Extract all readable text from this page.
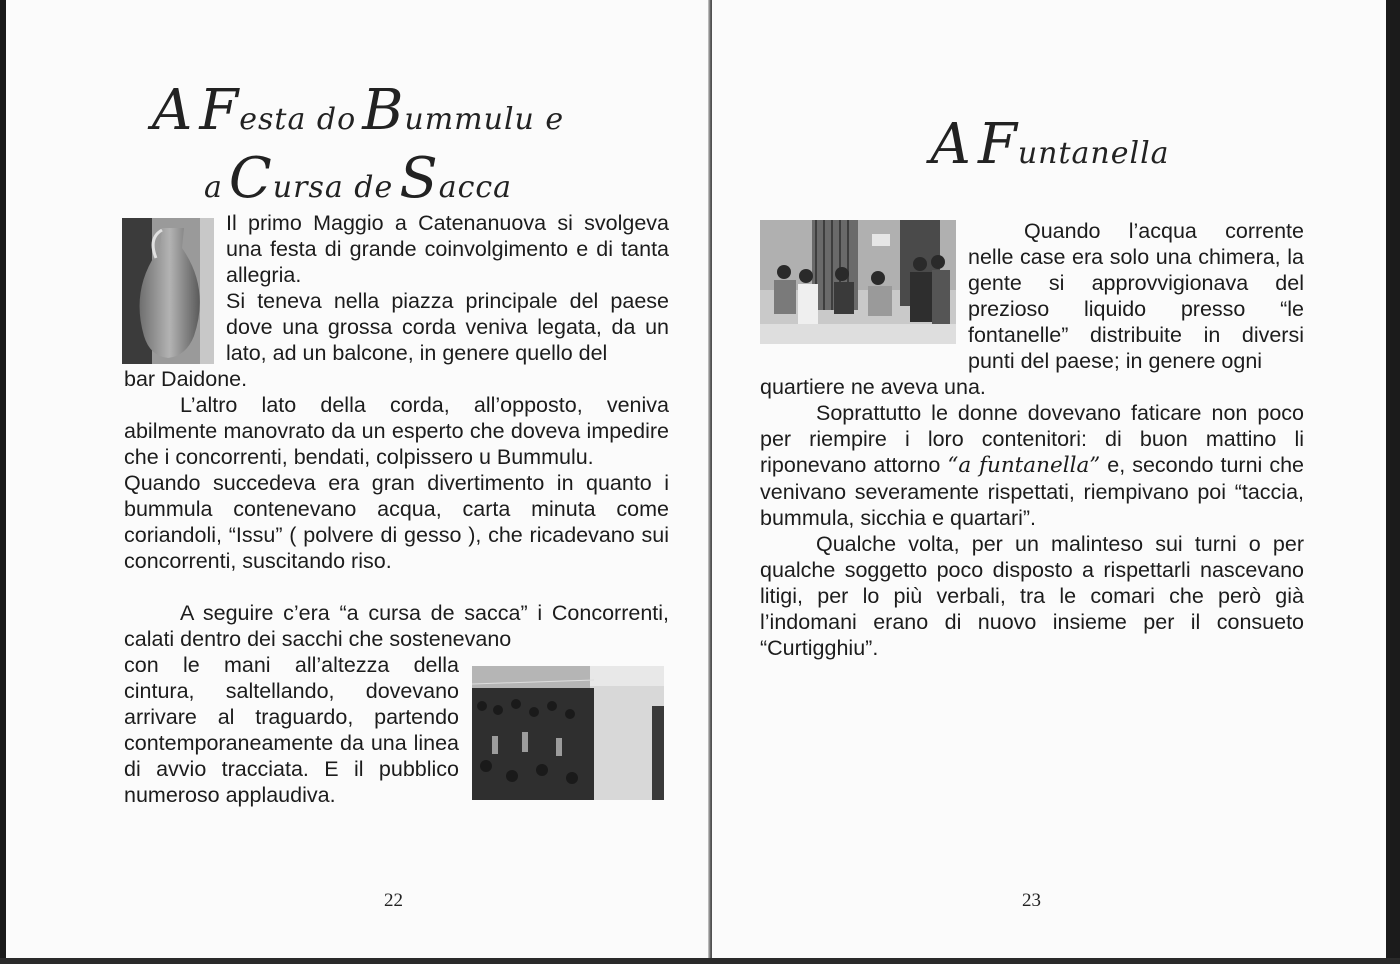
A Festa do Bummulu e
a Cursa de Sacca

Il primo Maggio a Catenanuova si svolgeva una festa di grande coinvolgimento e di tanta allegria.

Si teneva nella piazza principale del paese dove una grossa corda veniva legata, da un lato, ad un balcone, in genere quello del

bar Daidone.

L’altro lato della corda, all’opposto, veniva abilmente manovrato da un esperto che doveva impedire che i concorrenti, bendati, colpissero u Bummulu.

Quando succedeva era gran divertimento in quanto i bummula contenevano acqua, carta minuta come coriandoli, “Issu” ( polvere di gesso ), che ricadevano sui concorrenti, suscitando riso.

A seguire c’era “a cursa de sacca” i Concorrenti, calati dentro dei sacchi che sostenevano

con le mani all’altezza della cintura, saltellando, dovevano arrivare al traguardo, partendo contemporaneamente da una linea di avvio tracciata. E il pubblico numeroso applaudiva.

22
A Funtanella

Quando l’acqua corrente nelle case era solo una chimera, la gente si approvvigionava del prezioso liquido presso “le fontanelle” distribuite in diversi punti del paese; in genere ogni

quartiere ne aveva una.

Soprattutto le donne dovevano faticare non poco per riempire i loro contenitori: di buon mattino li riponevano attorno “a funtanella” e, secondo turni che venivano severamente rispettati, riempivano poi “taccia, bummula, sicchia e quartari”.

Qualche volta, per un malinteso sui turni o per qualche soggetto poco disposto a rispettarli nascevano litigi, per lo più verbali, tra le comari che però già l’indomani erano di nuovo insieme per il consueto “Curtigghiu”.

23
